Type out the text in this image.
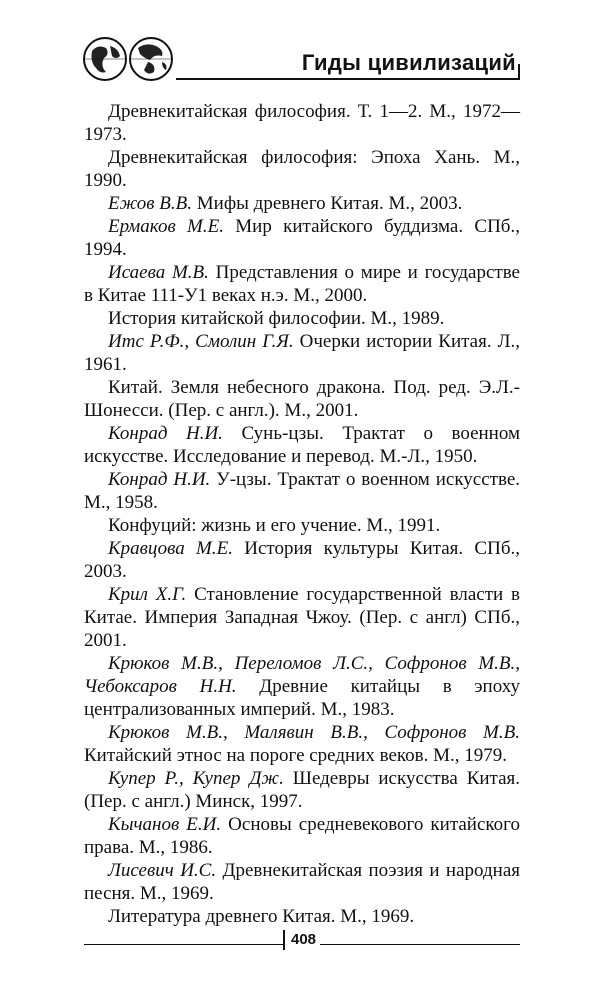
Гиды цивилизаций

Древнекитайская философия. Т. 1—2. М., 1972—1973.

Древнекитайская философия: Эпоха Хань. М., 1990.

Ежов В.В. Мифы древнего Китая. М., 2003.

Ермаков М.Е. Мир китайского буддизма. СПб., 1994.

Исаева М.В. Представления о мире и государстве в Китае 111-У1 веках н.э. М., 2000.

История китайской философии. М., 1989.

Итс Р.Ф., Смолин Г.Я. Очерки истории Китая. Л., 1961.

Китай. Земля небесного дракона. Под. ред. Э.Л.-Шонесси. (Пер. с англ.). М., 2001.

Конрад Н.И. Сунь-цзы. Трактат о военном искусстве. Исследование и перевод. М.-Л., 1950.

Конрад Н.И. У-цзы. Трактат о военном искусстве. М., 1958.

Конфуций: жизнь и его учение. М., 1991.

Кравцова М.Е. История культуры Китая. СПб., 2003.

Крил Х.Г. Становление государственной власти в Китае. Империя Западная Чжоу. (Пер. с англ) СПб., 2001.

Крюков М.В., Переломов Л.С., Софронов М.В., Чебоксаров Н.Н. Древние китайцы в эпоху централизованных империй. М., 1983.

Крюков М.В., Малявин В.В., Софронов М.В. Китайский этнос на пороге средних веков. М., 1979.

Купер Р., Купер Дж. Шедевры искусства Китая. (Пер. с англ.) Минск, 1997.

Кычанов Е.И. Основы средневекового китайского права. М., 1986.

Лисевич И.С. Древнекитайская поэзия и народная песня. М., 1969.

Литература древнего Китая. М., 1969.

408
